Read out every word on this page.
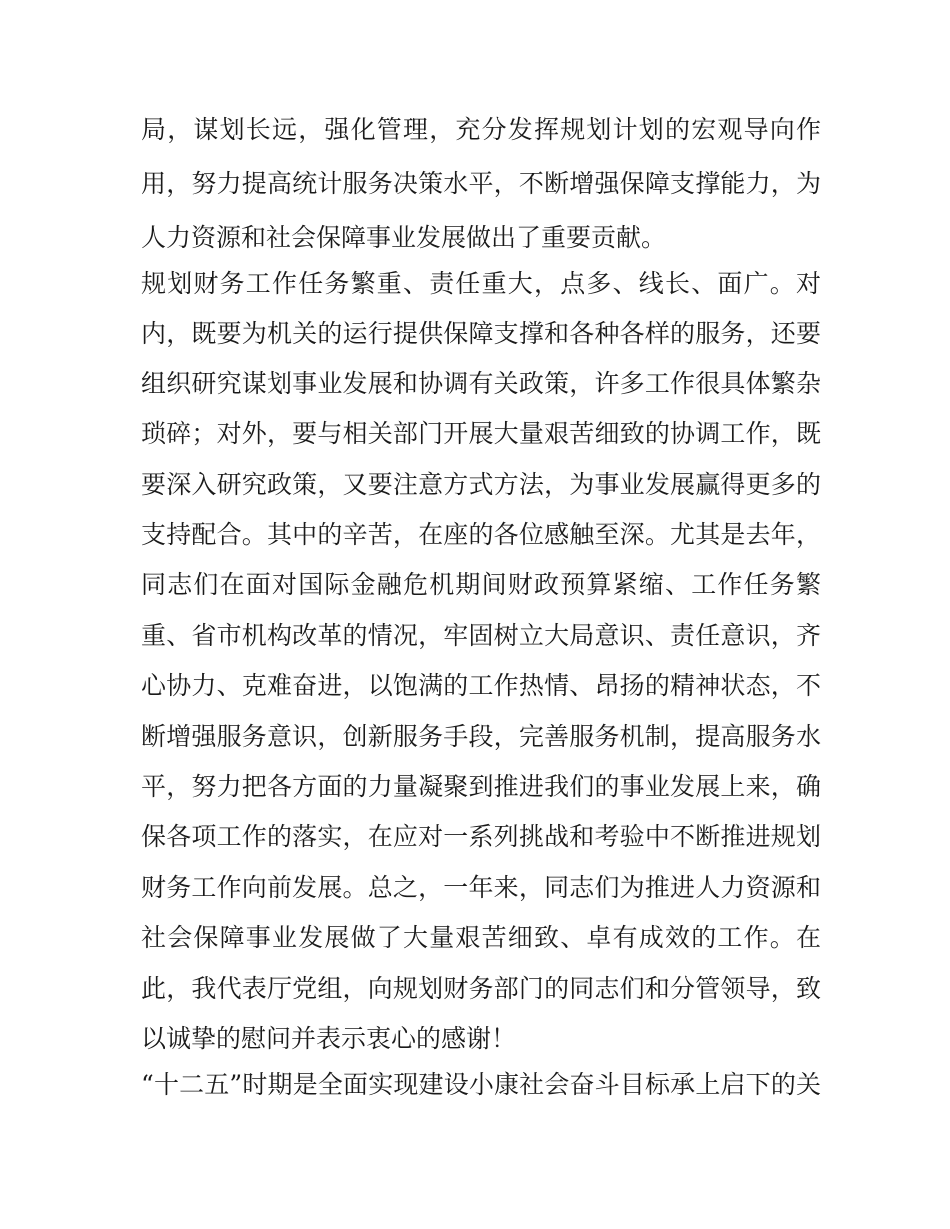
局，谋划长远，强化管理，充分发挥规划计划的宏观导向作
用，努力提高统计服务决策水平，不断增强保障支撑能力，为
人力资源和社会保障事业发展做出了重要贡献。
规划财务工作任务繁重、责任重大，点多、线长、面广。对
内，既要为机关的运行提供保障支撑和各种各样的服务，还要
组织研究谋划事业发展和协调有关政策，许多工作很具体繁杂
琐碎；对外，要与相关部门开展大量艰苦细致的协调工作，既
要深入研究政策，又要注意方式方法，为事业发展赢得更多的
支持配合。其中的辛苦，在座的各位感触至深。尤其是去年，
同志们在面对国际金融危机期间财政预算紧缩、工作任务繁
重、省市机构改革的情况，牢固树立大局意识、责任意识，齐
心协力、克难奋进，以饱满的工作热情、昂扬的精神状态，不
断增强服务意识，创新服务手段，完善服务机制，提高服务水
平，努力把各方面的力量凝聚到推进我们的事业发展上来，确
保各项工作的落实，在应对一系列挑战和考验中不断推进规划
财务工作向前发展。总之，一年来，同志们为推进人力资源和
社会保障事业发展做了大量艰苦细致、卓有成效的工作。在
此，我代表厅党组，向规划财务部门的同志们和分管领导，致
以诚挚的慰问并表示衷心的感谢！
“十二五”时期是全面实现建设小康社会奋斗目标承上启下的关
